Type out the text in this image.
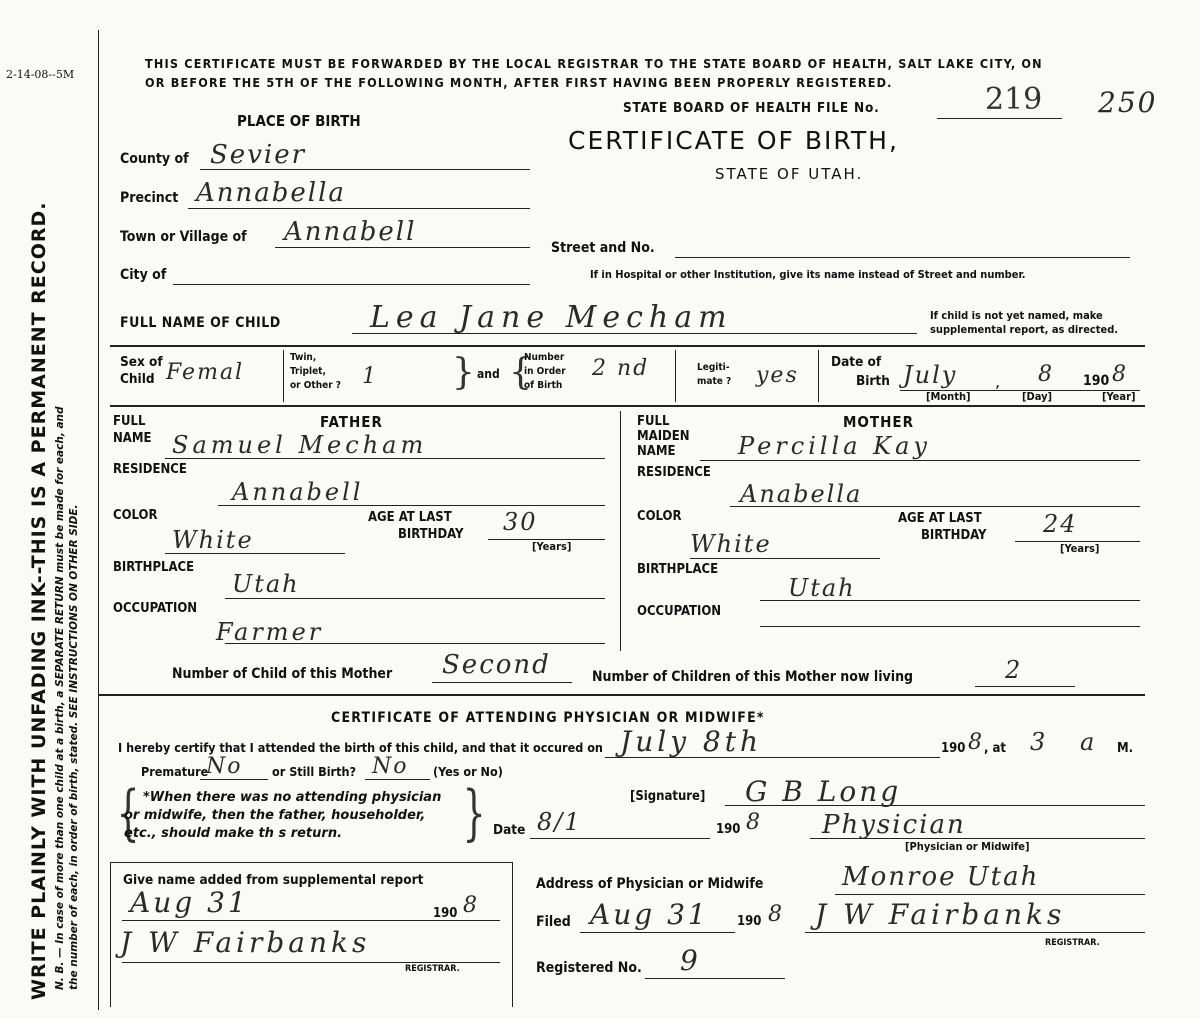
2-14-08--5M
WRITE PLAINLY WITH UNFADING INK--THIS IS A PERMANENT RECORD. N. B. — In case of more than one child at a birth, a SEPARATE RETURN must be made for each, and the number of each, in order of birth, stated. SEE INSTRUCTIONS ON OTHER SIDE.
THIS CERTIFICATE MUST BE FORWARDED BY THE LOCAL REGISTRAR TO THE STATE BOARD OF HEALTH, SALT LAKE CITY, ON
OR BEFORE THE 5TH OF THE FOLLOWING MONTH, AFTER FIRST HAVING BEEN PROPERLY REGISTERED.
STATE BOARD OF HEALTH FILE No.	219 250
CERTIFICATE OF BIRTH,
STATE OF UTAH.
PLACE OF BIRTH
County of Sevier
Precinct Annabella
Town or Village of Annabell
City of
Street and No.
If in Hospital or other Institution, give its name instead of Street and number.
FULL NAME OF CHILD	Lea Jane Mecham	If child is not yet named, make
supplemental report, as directed.
Sex of
Child Femal
Twin,
Triplet,
or Other ? 1 } and {
Number
in Order
of Birth
2 nd	Legiti-
mate ? yes
Date of
Birth July , 8 190 8
[Month]	[Day]	[Year]
FULL	FATHER
NAME Samuel Mecham
RESIDENCE
Annabell
COLOR
White
AGE AT LAST
BIRTHDAY 30
[Years]
BIRTHPLACE
Utah
OCCUPATION
Farmer
FULL	MOTHER
MAIDEN
NAME	Percilla Kay
RESIDENCE
Anabella
COLOR
White
AGE AT LAST
BIRTHDAY 24
[Years]
BIRTHPLACE
Utah
OCCUPATION
Number of Child of this Mother Second	Number of Children of this Mother now living	2
CERTIFICATE OF ATTENDING PHYSICIAN OR MIDWIFE*
I hereby certify that I attended the birth of this child, and that it occured on July 8th	190 8 , at 3 a M.
Premature
No or Still Birth? No (Yes or No)
{	}
*When there was no attending physician
or midwife, then the father, householder,
etc., should make th s return.
[Signature] G B Long
Date 8/1	190 8 Physician
[Physician or Midwife]
Give name added from supplemental report
Aug 31	190 8
J W Fairbanks
REGISTRAR.
Address of Physician or Midwife	Monroe Utah
Filed Aug 31 190 8 J W Fairbanks
REGISTRAR.
Registered No. 9
